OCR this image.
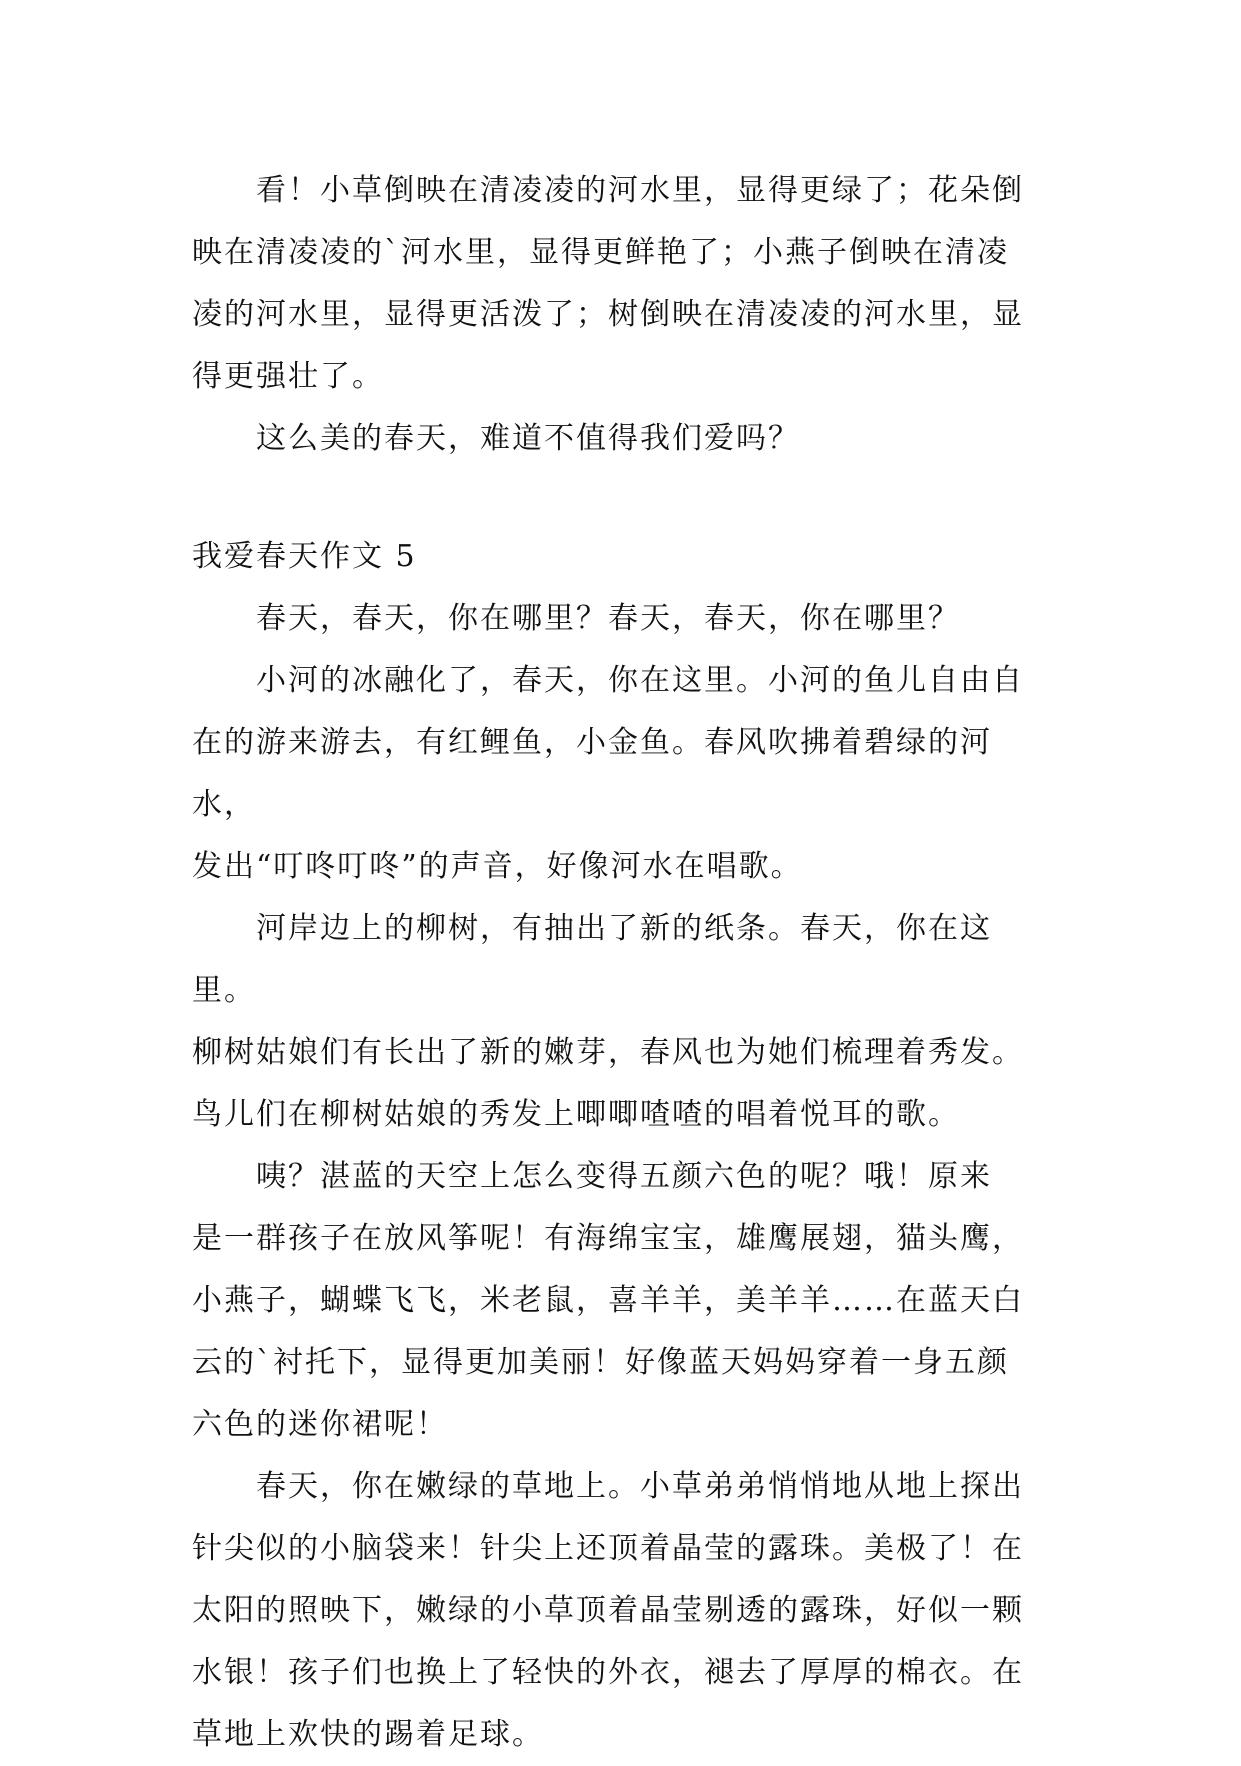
看！小草倒映在清凌凌的河水里，显得更绿了；花朵倒
映在清凌凌的`河水里，显得更鲜艳了；小燕子倒映在清凌
凌的河水里，显得更活泼了；树倒映在清凌凌的河水里，显
得更强壮了。

这么美的春天，难道不值得我们爱吗？

我爱春天作文 5

春天，春天，你在哪里？春天，春天，你在哪里？

小河的冰融化了，春天，你在这里。小河的鱼儿自由自
在的游来游去，有红鲤鱼，小金鱼。春风吹拂着碧绿的河水，
发出“叮咚叮咚”的声音，好像河水在唱歌。

河岸边上的柳树，有抽出了新的纸条。春天，你在这里。
柳树姑娘们有长出了新的嫩芽，春风也为她们梳理着秀发。
鸟儿们在柳树姑娘的秀发上唧唧喳喳的唱着悦耳的歌。

咦？湛蓝的天空上怎么变得五颜六色的呢？哦！原来
是一群孩子在放风筝呢！有海绵宝宝，雄鹰展翅，猫头鹰，
小燕子，蝴蝶飞飞，米老鼠，喜羊羊，美羊羊……在蓝天白
云的`衬托下，显得更加美丽！好像蓝天妈妈穿着一身五颜
六色的迷你裙呢！

春天，你在嫩绿的草地上。小草弟弟悄悄地从地上探出
针尖似的小脑袋来！针尖上还顶着晶莹的露珠。美极了！在
太阳的照映下，嫩绿的小草顶着晶莹剔透的露珠，好似一颗
水银！孩子们也换上了轻快的外衣，褪去了厚厚的棉衣。在
草地上欢快的踢着足球。
